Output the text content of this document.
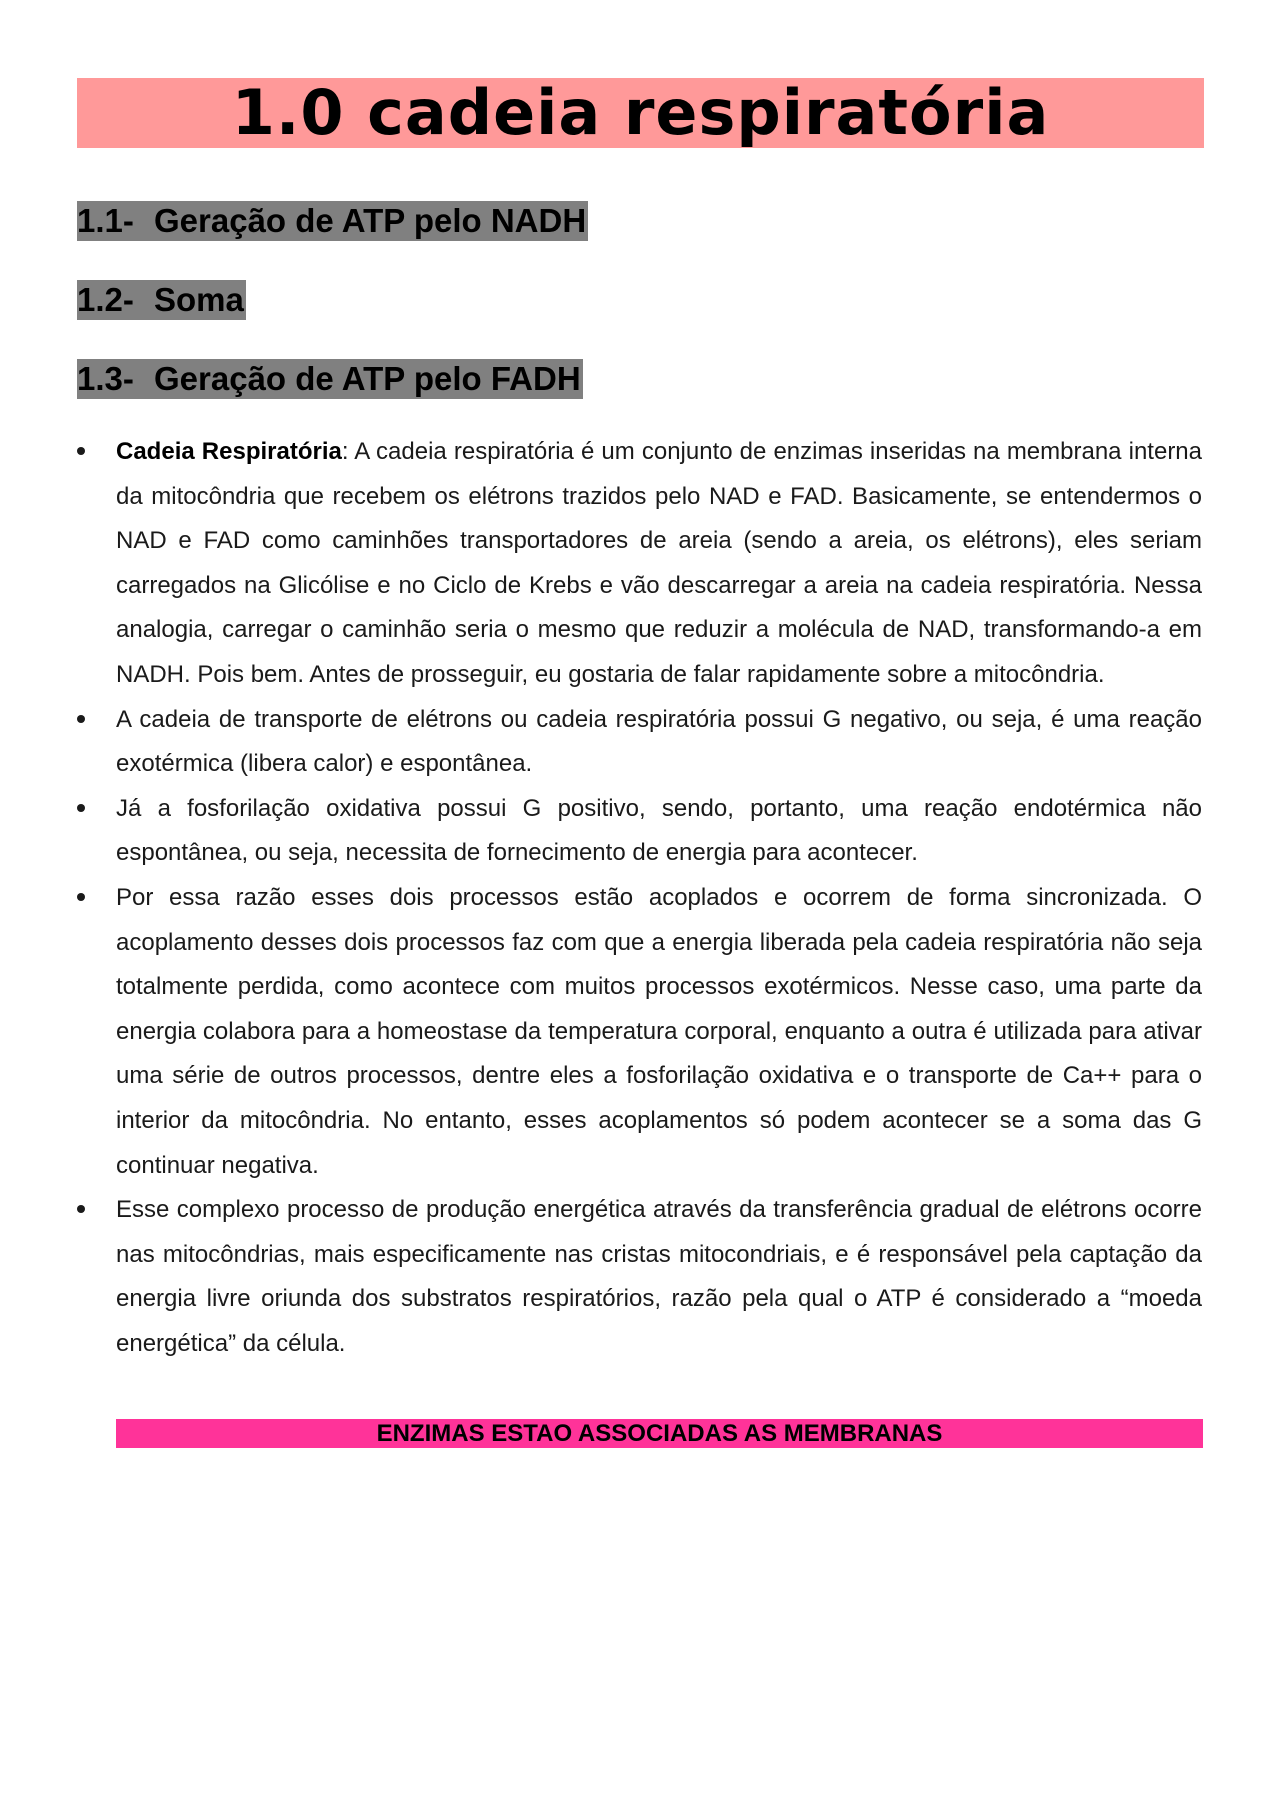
1.0 cadeia respiratória
1.1- Geração de ATP pelo NADH
1.2- Soma
1.3- Geração de ATP pelo FADH
Cadeia Respiratória: A cadeia respiratória é um conjunto de enzimas inseridas na membrana interna da mitocôndria que recebem os elétrons trazidos pelo NAD e FAD. Basicamente, se entendermos o NAD e FAD como caminhões transportadores de areia (sendo a areia, os elétrons), eles seriam carregados na Glicólise e no Ciclo de Krebs e vão descarregar a areia na cadeia respiratória. Nessa analogia, carregar o caminhão seria o mesmo que reduzir a molécula de NAD, transformando-a em NADH. Pois bem. Antes de prosseguir, eu gostaria de falar rapidamente sobre a mitocôndria.
A cadeia de transporte de elétrons ou cadeia respiratória possui G negativo, ou seja, é uma reação exotérmica (libera calor) e espontânea.
Já a fosforilação oxidativa possui G positivo, sendo, portanto, uma reação endotérmica não espontânea, ou seja, necessita de fornecimento de energia para acontecer.
Por essa razão esses dois processos estão acoplados e ocorrem de forma sincronizada. O acoplamento desses dois processos faz com que a energia liberada pela cadeia respiratória não seja totalmente perdida, como acontece com muitos processos exotérmicos. Nesse caso, uma parte da energia colabora para a homeostase da temperatura corporal, enquanto a outra é utilizada para ativar uma série de outros processos, dentre eles a fosforilação oxidativa e o transporte de Ca++ para o interior da mitocôndria. No entanto, esses acoplamentos só podem acontecer se a soma das G continuar negativa.
Esse complexo processo de produção energética através da transferência gradual de elétrons ocorre nas mitocôndrias, mais especificamente nas cristas mitocondriais, e é responsável pela captação da energia livre oriunda dos substratos respiratórios, razão pela qual o ATP é considerado a “moeda energética” da célula.
ENZIMAS ESTAO ASSOCIADAS AS MEMBRANAS
